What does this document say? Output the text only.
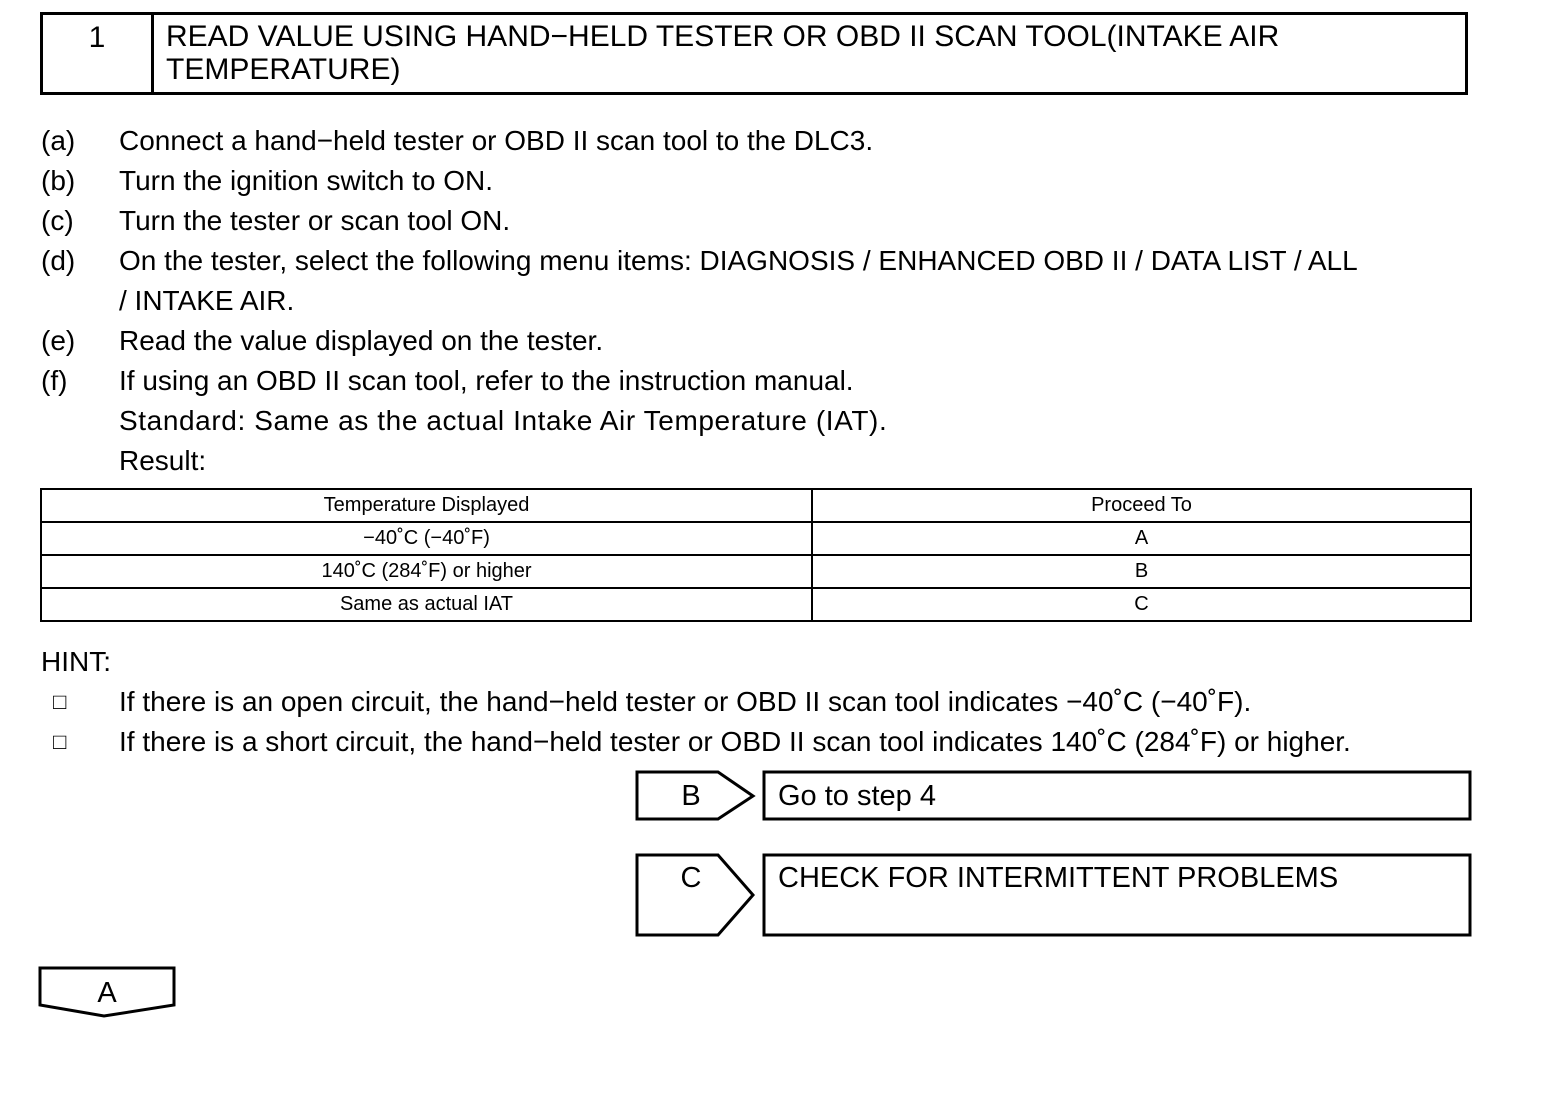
1	READ VALUE USING HAND−HELD TESTER OR OBD II SCAN TOOL(INTAKE AIR
TEMPERATURE)
(a) Connect a hand−held tester or OBD II scan tool to the DLC3.
(b) Turn the ignition switch to ON.
(c) Turn the tester or scan tool ON.
(d) On the tester, select the following menu items: DIAGNOSIS / ENHANCED OBD II / DATA LIST / ALL
/ INTAKE AIR.
(e) Read the value displayed on the tester.
(f) If using an OBD II scan tool, refer to the instruction manual.
Standard: Same as the actual Intake Air Temperature (IAT).
Result:
Temperature Displayed	Proceed To
−40˚C (−40˚F)	A
140˚C (284˚F) or higher	B
Same as actual IAT	C
HINT:
□ If there is an open circuit, the hand−held tester or OBD II scan tool indicates −40˚C (−40˚F).
□ If there is a short circuit, the hand−held tester or OBD II scan tool indicates 140˚C (284˚F) or higher.
B	Go to step 4
C	CHECK FOR INTERMITTENT PROBLEMS
A
